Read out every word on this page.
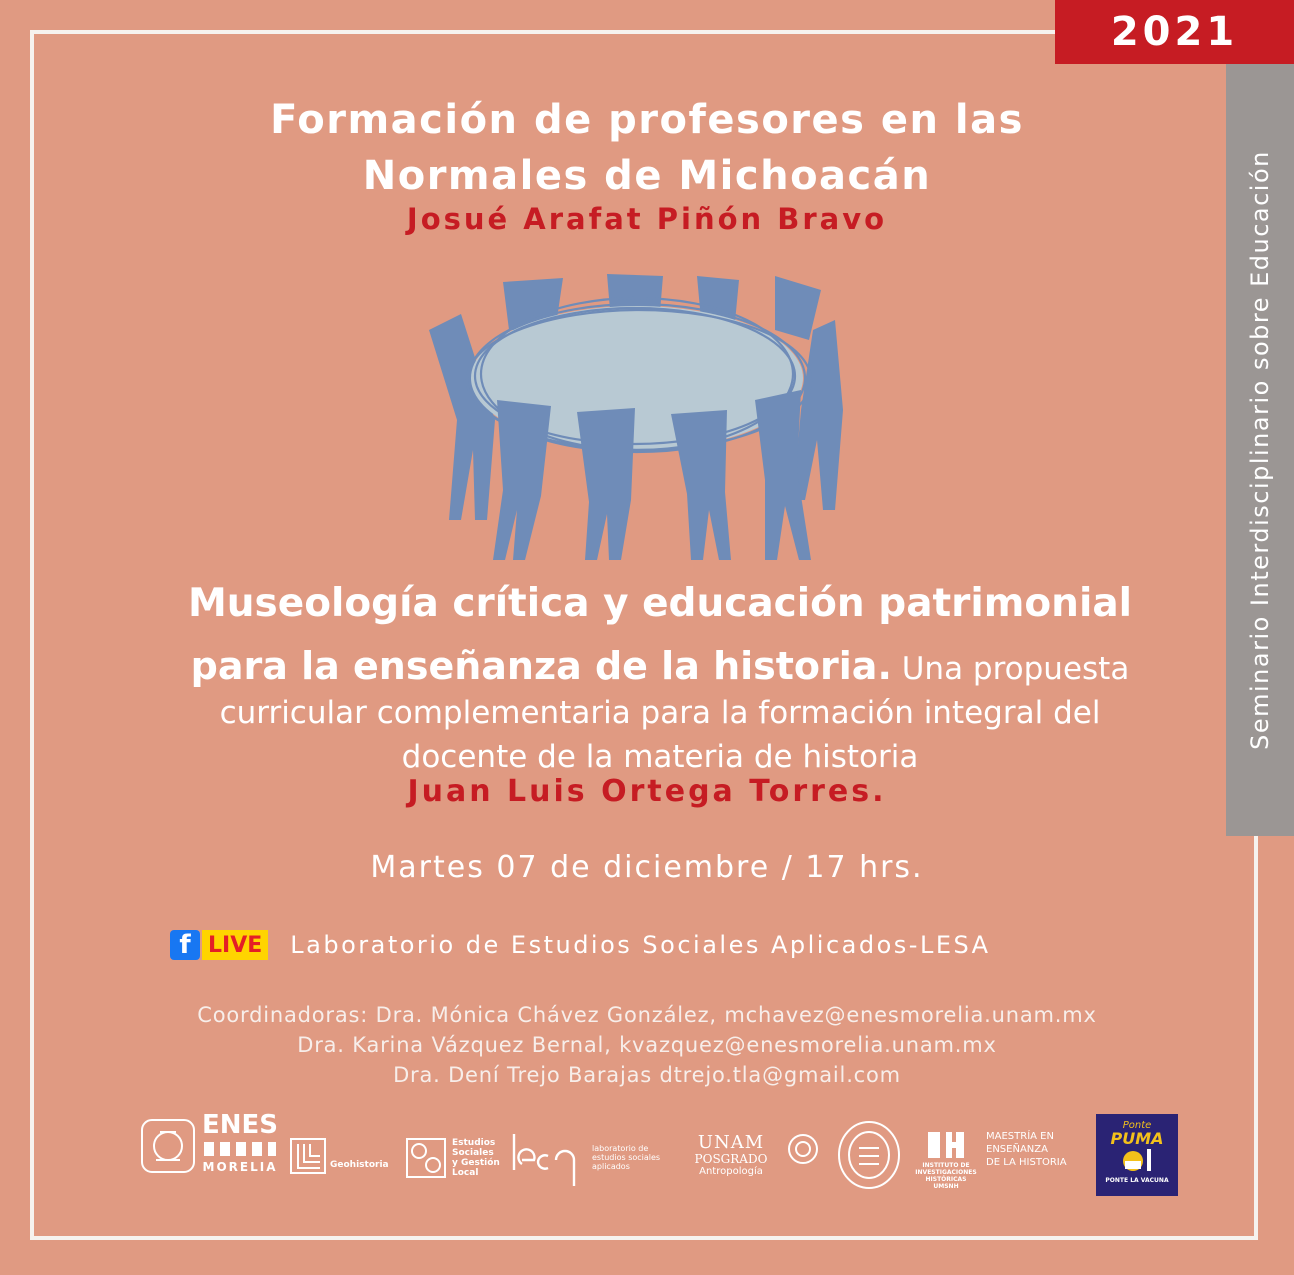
2021
Seminario Interdisciplinario sobre Educación
Formación de profesores en las
Normales de Michoacán
Josué Arafat Piñón Bravo
Museología crítica y educación patrimonial
para la enseñanza de la historia. Una propuesta
curricular complementaria para la formación integral del
docente de la materia de historia
Juan Luis Ortega Torres.
Martes 07 de diciembre / 17 hrs.
f LIVE Laboratorio de Estudios Sociales Aplicados-LESA
Coordinadoras: Dra. Mónica Chávez González, mchavez@enesmorelia.unam.mx
Dra. Karina Vázquez Bernal, kvazquez@enesmorelia.unam.mx
Dra. Dení Trejo Barajas dtrejo.tla@gmail.com
ENES
MORELIA	Geohistoria
Estudios
Sociales
y Gestión
Local
laboratorio de
estudios sociales
aplicados
UNAM
POSGRADO
Antropología
INSTITUTO DE
INVESTIGACIONES
HISTÓRICAS
UMSNH
MAESTRÍA EN
ENSEÑANZA
DE LA HISTORIA
Ponte
PUMA
PONTE LA VACUNA
